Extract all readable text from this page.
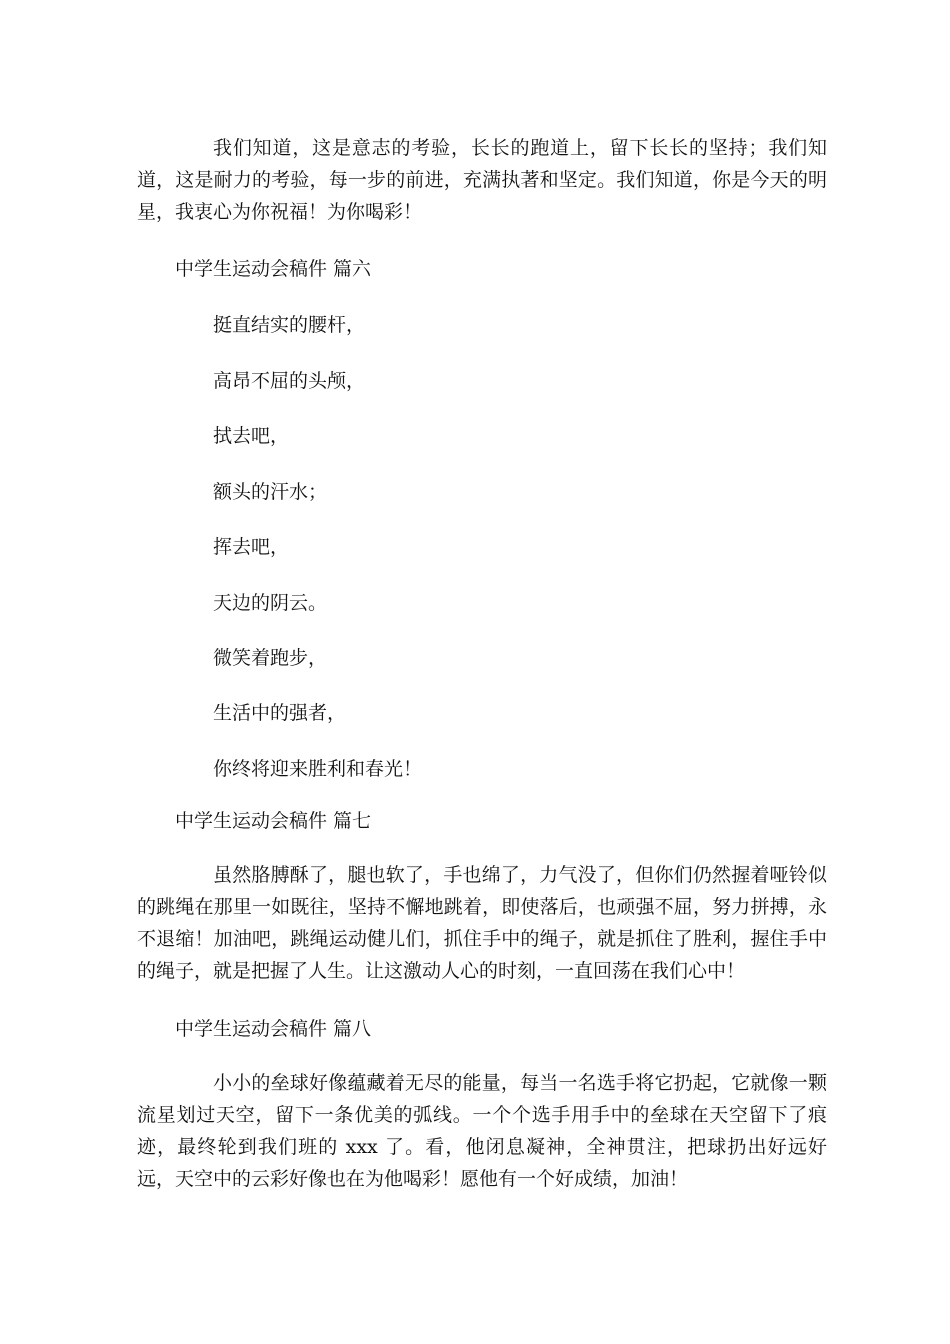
我们知道，这是意志的考验，长长的跑道上，留下长长的坚持；我们知道，这是耐力的考验，每一步的前进，充满执著和坚定。我们知道，你是今天的明星，我衷心为你祝福！为你喝彩！

中学生运动会稿件 篇六

挺直结实的腰杆，

高昂不屈的头颅，

拭去吧，

额头的汗水；

挥去吧，

天边的阴云。

微笑着跑步，

生活中的强者，

你终将迎来胜利和春光！

中学生运动会稿件 篇七

虽然胳膊酥了，腿也软了，手也绵了，力气没了，但你们仍然握着哑铃似的跳绳在那里一如既往，坚持不懈地跳着，即使落后，也顽强不屈，努力拼搏，永不退缩！加油吧，跳绳运动健儿们，抓住手中的绳子，就是抓住了胜利，握住手中的绳子，就是把握了人生。让这激动人心的时刻，一直回荡在我们心中！

中学生运动会稿件 篇八

小小的垒球好像蕴藏着无尽的能量，每当一名选手将它扔起，它就像一颗流星划过天空，留下一条优美的弧线。一个个选手用手中的垒球在天空留下了痕迹，最终轮到我们班的 xxx 了。看，他闭息凝神，全神贯注，把球扔出好远好远，天空中的云彩好像也在为他喝彩！愿他有一个好成绩，加油！
